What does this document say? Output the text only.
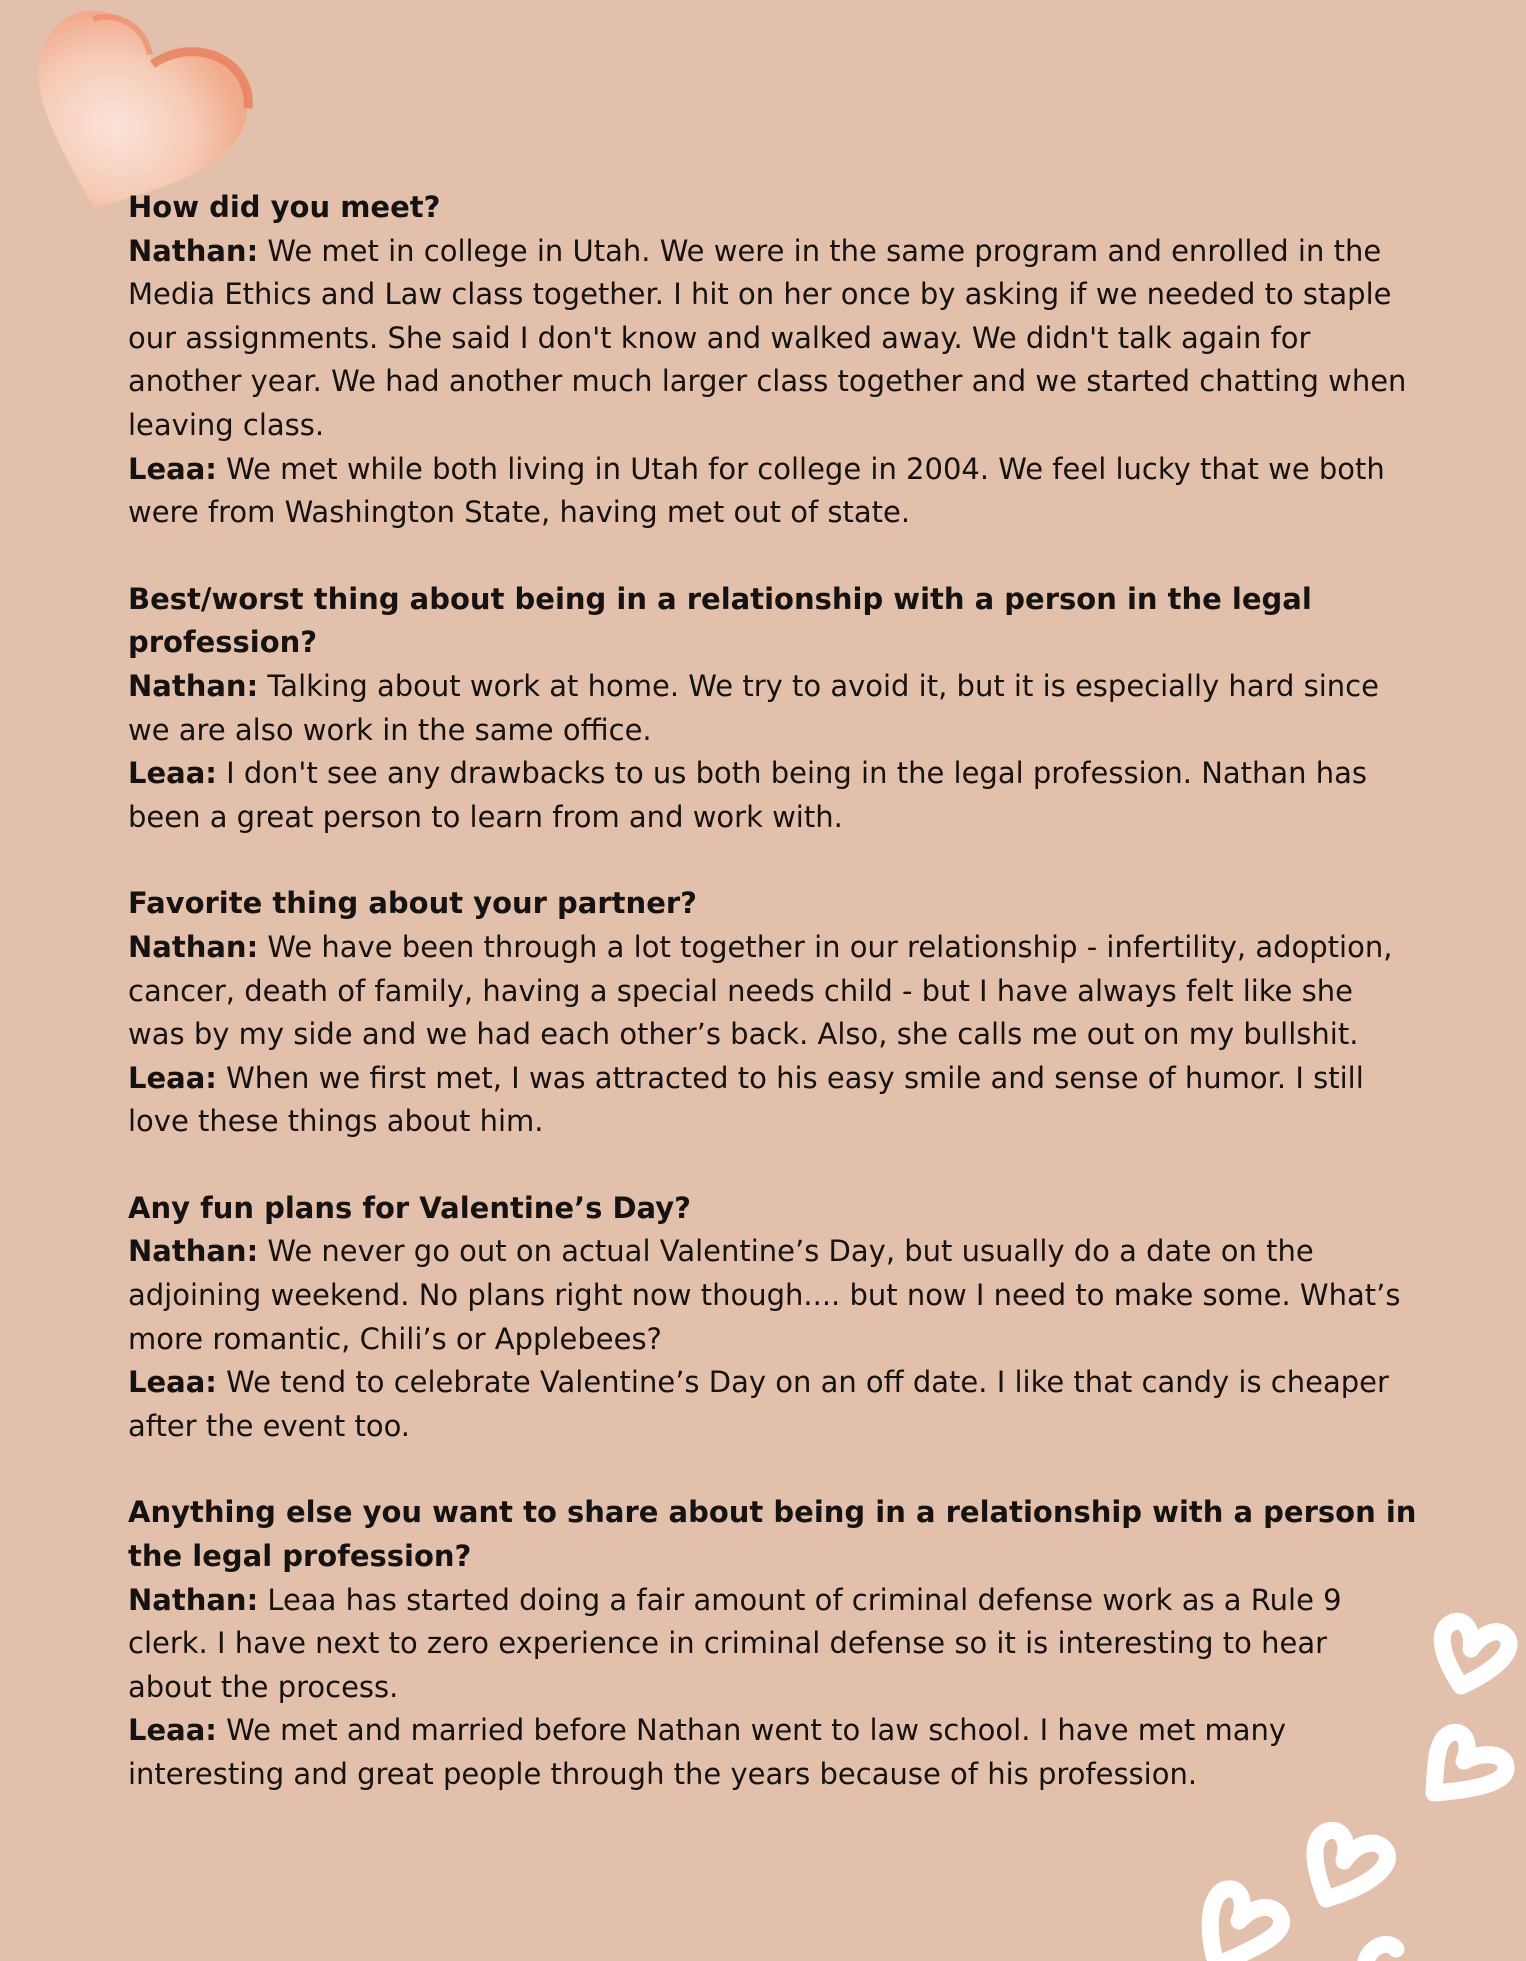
How did you meet?

Nathan: We met in college in Utah. We were in the same program and enrolled in the Media Ethics and Law class together. I hit on her once by asking if we needed to staple our assignments. She said I don't know and walked away. We didn't talk again for another year. We had another much larger class together and we started chatting when leaving class.

Leaa: We met while both living in Utah for college in 2004. We feel lucky that we both were from Washington State, having met out of state.

Best/worst thing about being in a relationship with a person in the legal profession?

Nathan: Talking about work at home. We try to avoid it, but it is especially hard since we are also work in the same office.

Leaa: I don't see any drawbacks to us both being in the legal profession. Nathan has been a great person to learn from and work with.

Favorite thing about your partner?

Nathan: We have been through a lot together in our relationship - infertility, adoption, cancer, death of family, having a special needs child - but I have always felt like she was by my side and we had each other’s back. Also, she calls me out on my bullshit.

Leaa: When we first met, I was attracted to his easy smile and sense of humor. I still love these things about him.

Any fun plans for Valentine’s Day?

Nathan: We never go out on actual Valentine’s Day, but usually do a date on the adjoining weekend. No plans right now though.... but now I need to make some. What’s more romantic, Chili’s or Applebees?

Leaa: We tend to celebrate Valentine’s Day on an off date. I like that candy is cheaper after the event too.

Anything else you want to share about being in a relationship with a person in the legal profession?

Nathan: Leaa has started doing a fair amount of criminal defense work as a Rule 9 clerk. I have next to zero experience in criminal defense so it is interesting to hear about the process.

Leaa: We met and married before Nathan went to law school. I have met many interesting and great people through the years because of his profession.
